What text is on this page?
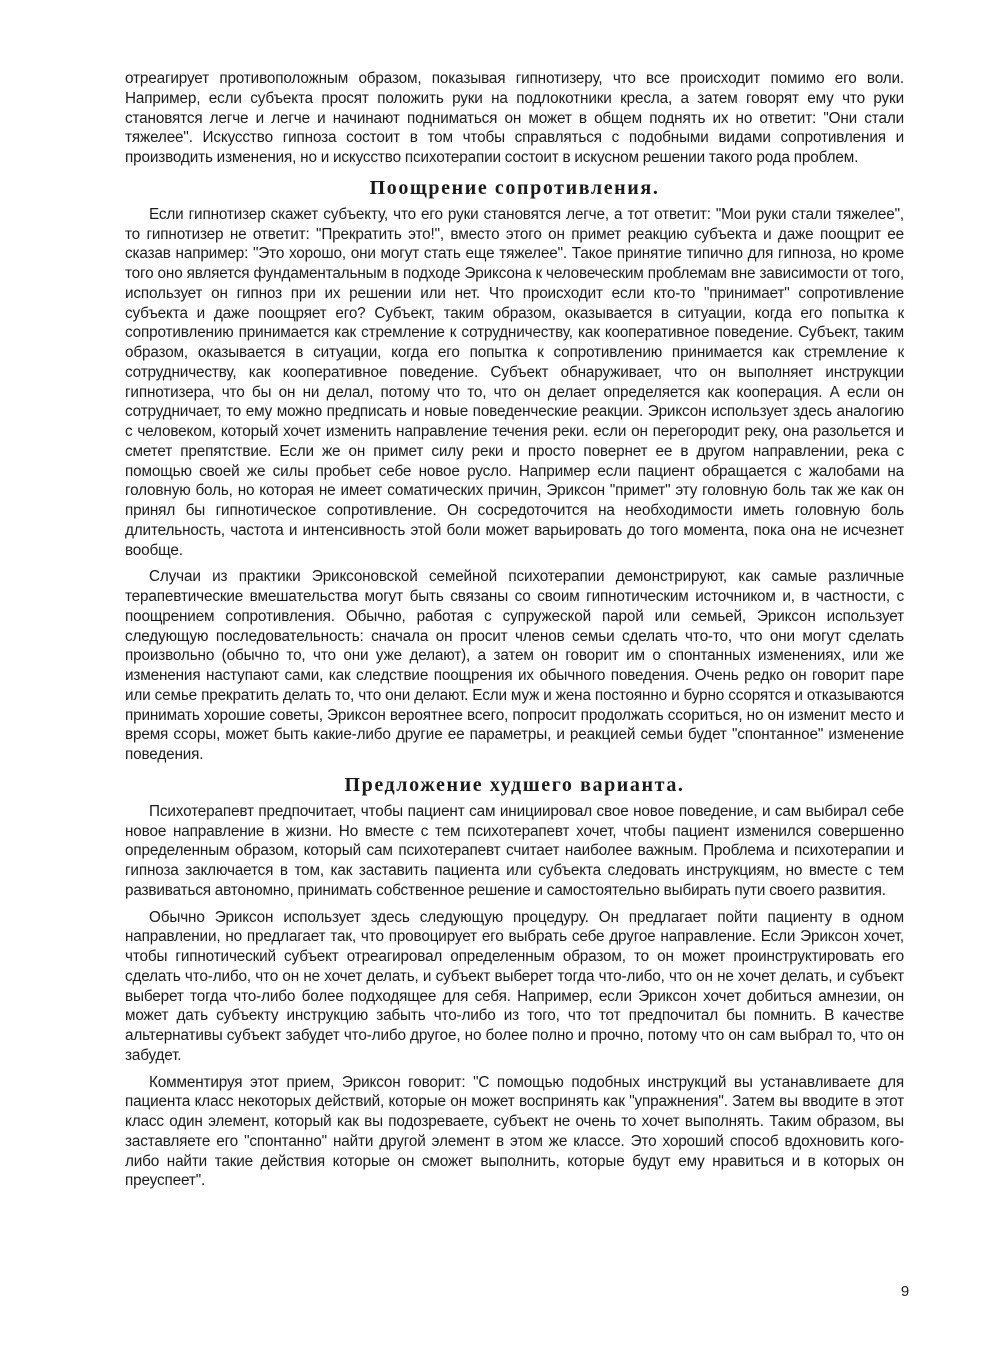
отреагирует противоположным образом, показывая гипнотизеру, что все происходит помимо его воли. Например, если субъекта просят положить руки на подлокотники кресла, а затем говорят ему что руки становятся легче и легче и начинают подниматься он может в общем поднять их но ответит: "Они стали тяжелее". Искусство гипноза состоит в том чтобы справляться с подобными видами сопротивления и производить изменения, но и искусство психотерапии состоит в искусном решении такого рода проблем.

Поощрение сопротивления.

Если гипнотизер скажет субъекту, что его руки становятся легче, а тот ответит: "Мои руки стали тяжелее", то гипнотизер не ответит: "Прекратить это!", вместо этого он примет реакцию субъекта и даже поощрит ее сказав например: "Это хорошо, они могут стать еще тяжелее". Такое принятие типично для гипноза, но кроме того оно является фундаментальным в подходе Эриксона к человеческим проблемам вне зависимости от того, использует он гипноз при их решении или нет. Что происходит если кто-то "принимает" сопротивление субъекта и даже поощряет его? Субъект, таким образом, оказывается в ситуации, когда его попытка к сопротивлению принимается как стремление к сотрудничеству, как кооперативное поведение. Субъект, таким образом, оказывается в ситуации, когда его попытка к сопротивлению принимается как стремление к сотрудничеству, как кооперативное поведение. Субъект обнаруживает, что он выполняет инструкции гипнотизера, что бы он ни делал, потому что то, что он делает определяется как кооперация. А если он сотрудничает, то ему можно предписать и новые поведенческие реакции. Эриксон использует здесь аналогию с человеком, который хочет изменить направление течения реки. если он перегородит реку, она разольется и сметет препятствие. Если же он примет силу реки и просто повернет ее в другом направлении, река с помощью своей же силы пробьет себе новое русло. Например если пациент обращается с жалобами на головную боль, но которая не имеет соматических причин, Эриксон "примет" эту головную боль так же как он принял бы гипнотическое сопротивление. Он сосредоточится на необходимости иметь головную боль длительность, частота и интенсивность этой боли может варьировать до того момента, пока она не исчезнет вообще.

Случаи из практики Эриксоновской семейной психотерапии демонстрируют, как самые различные терапевтические вмешательства могут быть связаны со своим гипнотическим источником и, в частности, с поощрением сопротивления. Обычно, работая с супружеской парой или семьей, Эриксон использует следующую последовательность: сначала он просит членов семьи сделать что-то, что они могут сделать произвольно (обычно то, что они уже делают), а затем он говорит им о спонтанных изменениях, или же изменения наступают сами, как следствие поощрения их обычного поведения. Очень редко он говорит паре или семье прекратить делать то, что они делают. Если муж и жена постоянно и бурно ссорятся и отказываются принимать хорошие советы, Эриксон вероятнее всего, попросит продолжать ссориться, но он изменит место и время ссоры, может быть какие-либо другие ее параметры, и реакцией семьи будет "спонтанное" изменение поведения.

Предложение худшего варианта.

Психотерапевт предпочитает, чтобы пациент сам инициировал свое новое поведение, и сам выбирал себе новое направление в жизни. Но вместе с тем психотерапевт хочет, чтобы пациент изменился совершенно определенным образом, который сам психотерапевт считает наиболее важным. Проблема и психотерапии и гипноза заключается в том, как заставить пациента или субъекта следовать инструкциям, но вместе с тем развиваться автономно, принимать собственное решение и самостоятельно выбирать пути своего развития.

Обычно Эриксон использует здесь следующую процедуру. Он предлагает пойти пациенту в одном направлении, но предлагает так, что провоцирует его выбрать себе другое направление. Если Эриксон хочет, чтобы гипнотический субъект отреагировал определенным образом, то он может проинструктировать его сделать что-либо, что он не хочет делать, и субъект выберет тогда что-либо, что он не хочет делать, и субъект выберет тогда что-либо более подходящее для себя. Например, если Эриксон хочет добиться амнезии, он может дать субъекту инструкцию забыть что-либо из того, что тот предпочитал бы помнить. В качестве альтернативы субъект забудет что-либо другое, но более полно и прочно, потому что он сам выбрал то, что он забудет.

Комментируя этот прием, Эриксон говорит: "С помощью подобных инструкций вы устанавливаете для пациента класс некоторых действий, которые он может воспринять как "упражнения". Затем вы вводите в этот класс один элемент, который как вы подозреваете, субъект не очень то хочет выполнять. Таким образом, вы заставляете его "спонтанно" найти другой элемент в этом же классе. Это хороший способ вдохновить кого-либо найти такие действия которые он сможет выполнить, которые будут ему нравиться и в которых он преуспеет".

9
